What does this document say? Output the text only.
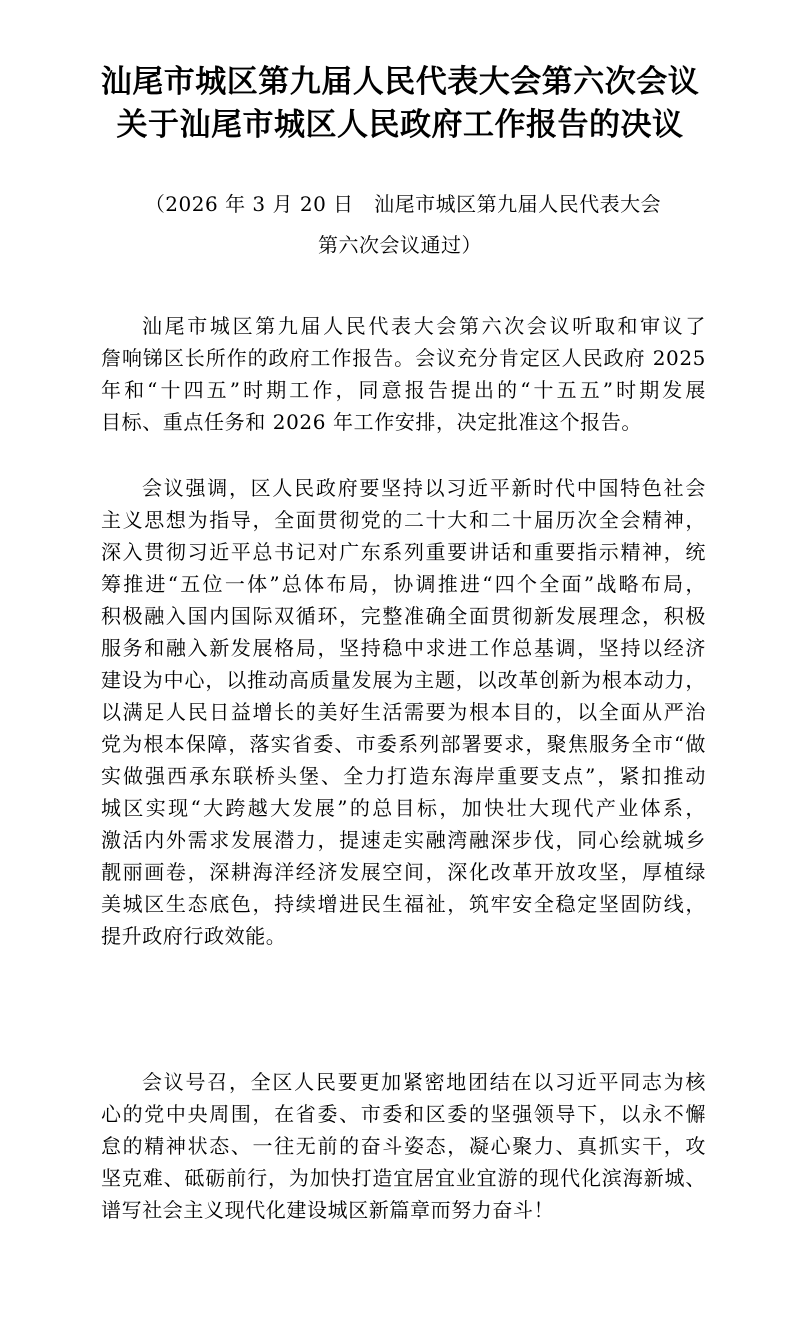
汕尾市城区第九届人民代表大会第六次会议
关于汕尾市城区人民政府工作报告的决议
（2026 年 3 月 20 日　汕尾市城区第九届人民代表大会
第六次会议通过）
汕尾市城区第九届人民代表大会第六次会议听取和审议了
詹响锑区长所作的政府工作报告。会议充分肯定区人民政府 2025
年和“十四五”时期工作，同意报告提出的“十五五”时期发展
目标、重点任务和 2026 年工作安排，决定批准这个报告。
会议强调，区人民政府要坚持以习近平新时代中国特色社会
主义思想为指导，全面贯彻党的二十大和二十届历次全会精神，
深入贯彻习近平总书记对广东系列重要讲话和重要指示精神，统
筹推进“五位一体”总体布局，协调推进“四个全面”战略布局，
积极融入国内国际双循环，完整准确全面贯彻新发展理念，积极
服务和融入新发展格局，坚持稳中求进工作总基调，坚持以经济
建设为中心，以推动高质量发展为主题，以改革创新为根本动力，
以满足人民日益增长的美好生活需要为根本目的，以全面从严治
党为根本保障，落实省委、市委系列部署要求，聚焦服务全市“做
实做强西承东联桥头堡、全力打造东海岸重要支点”，紧扣推动
城区实现“大跨越大发展”的总目标，加快壮大现代产业体系，
激活内外需求发展潜力，提速走实融湾融深步伐，同心绘就城乡
靓丽画卷，深耕海洋经济发展空间，深化改革开放攻坚，厚植绿
美城区生态底色，持续增进民生福祉，筑牢安全稳定坚固防线，
提升政府行政效能。
会议号召，全区人民要更加紧密地团结在以习近平同志为核
心的党中央周围，在省委、市委和区委的坚强领导下，以永不懈
怠的精神状态、一往无前的奋斗姿态，凝心聚力、真抓实干，攻
坚克难、砥砺前行，为加快打造宜居宜业宜游的现代化滨海新城、
谱写社会主义现代化建设城区新篇章而努力奋斗！
